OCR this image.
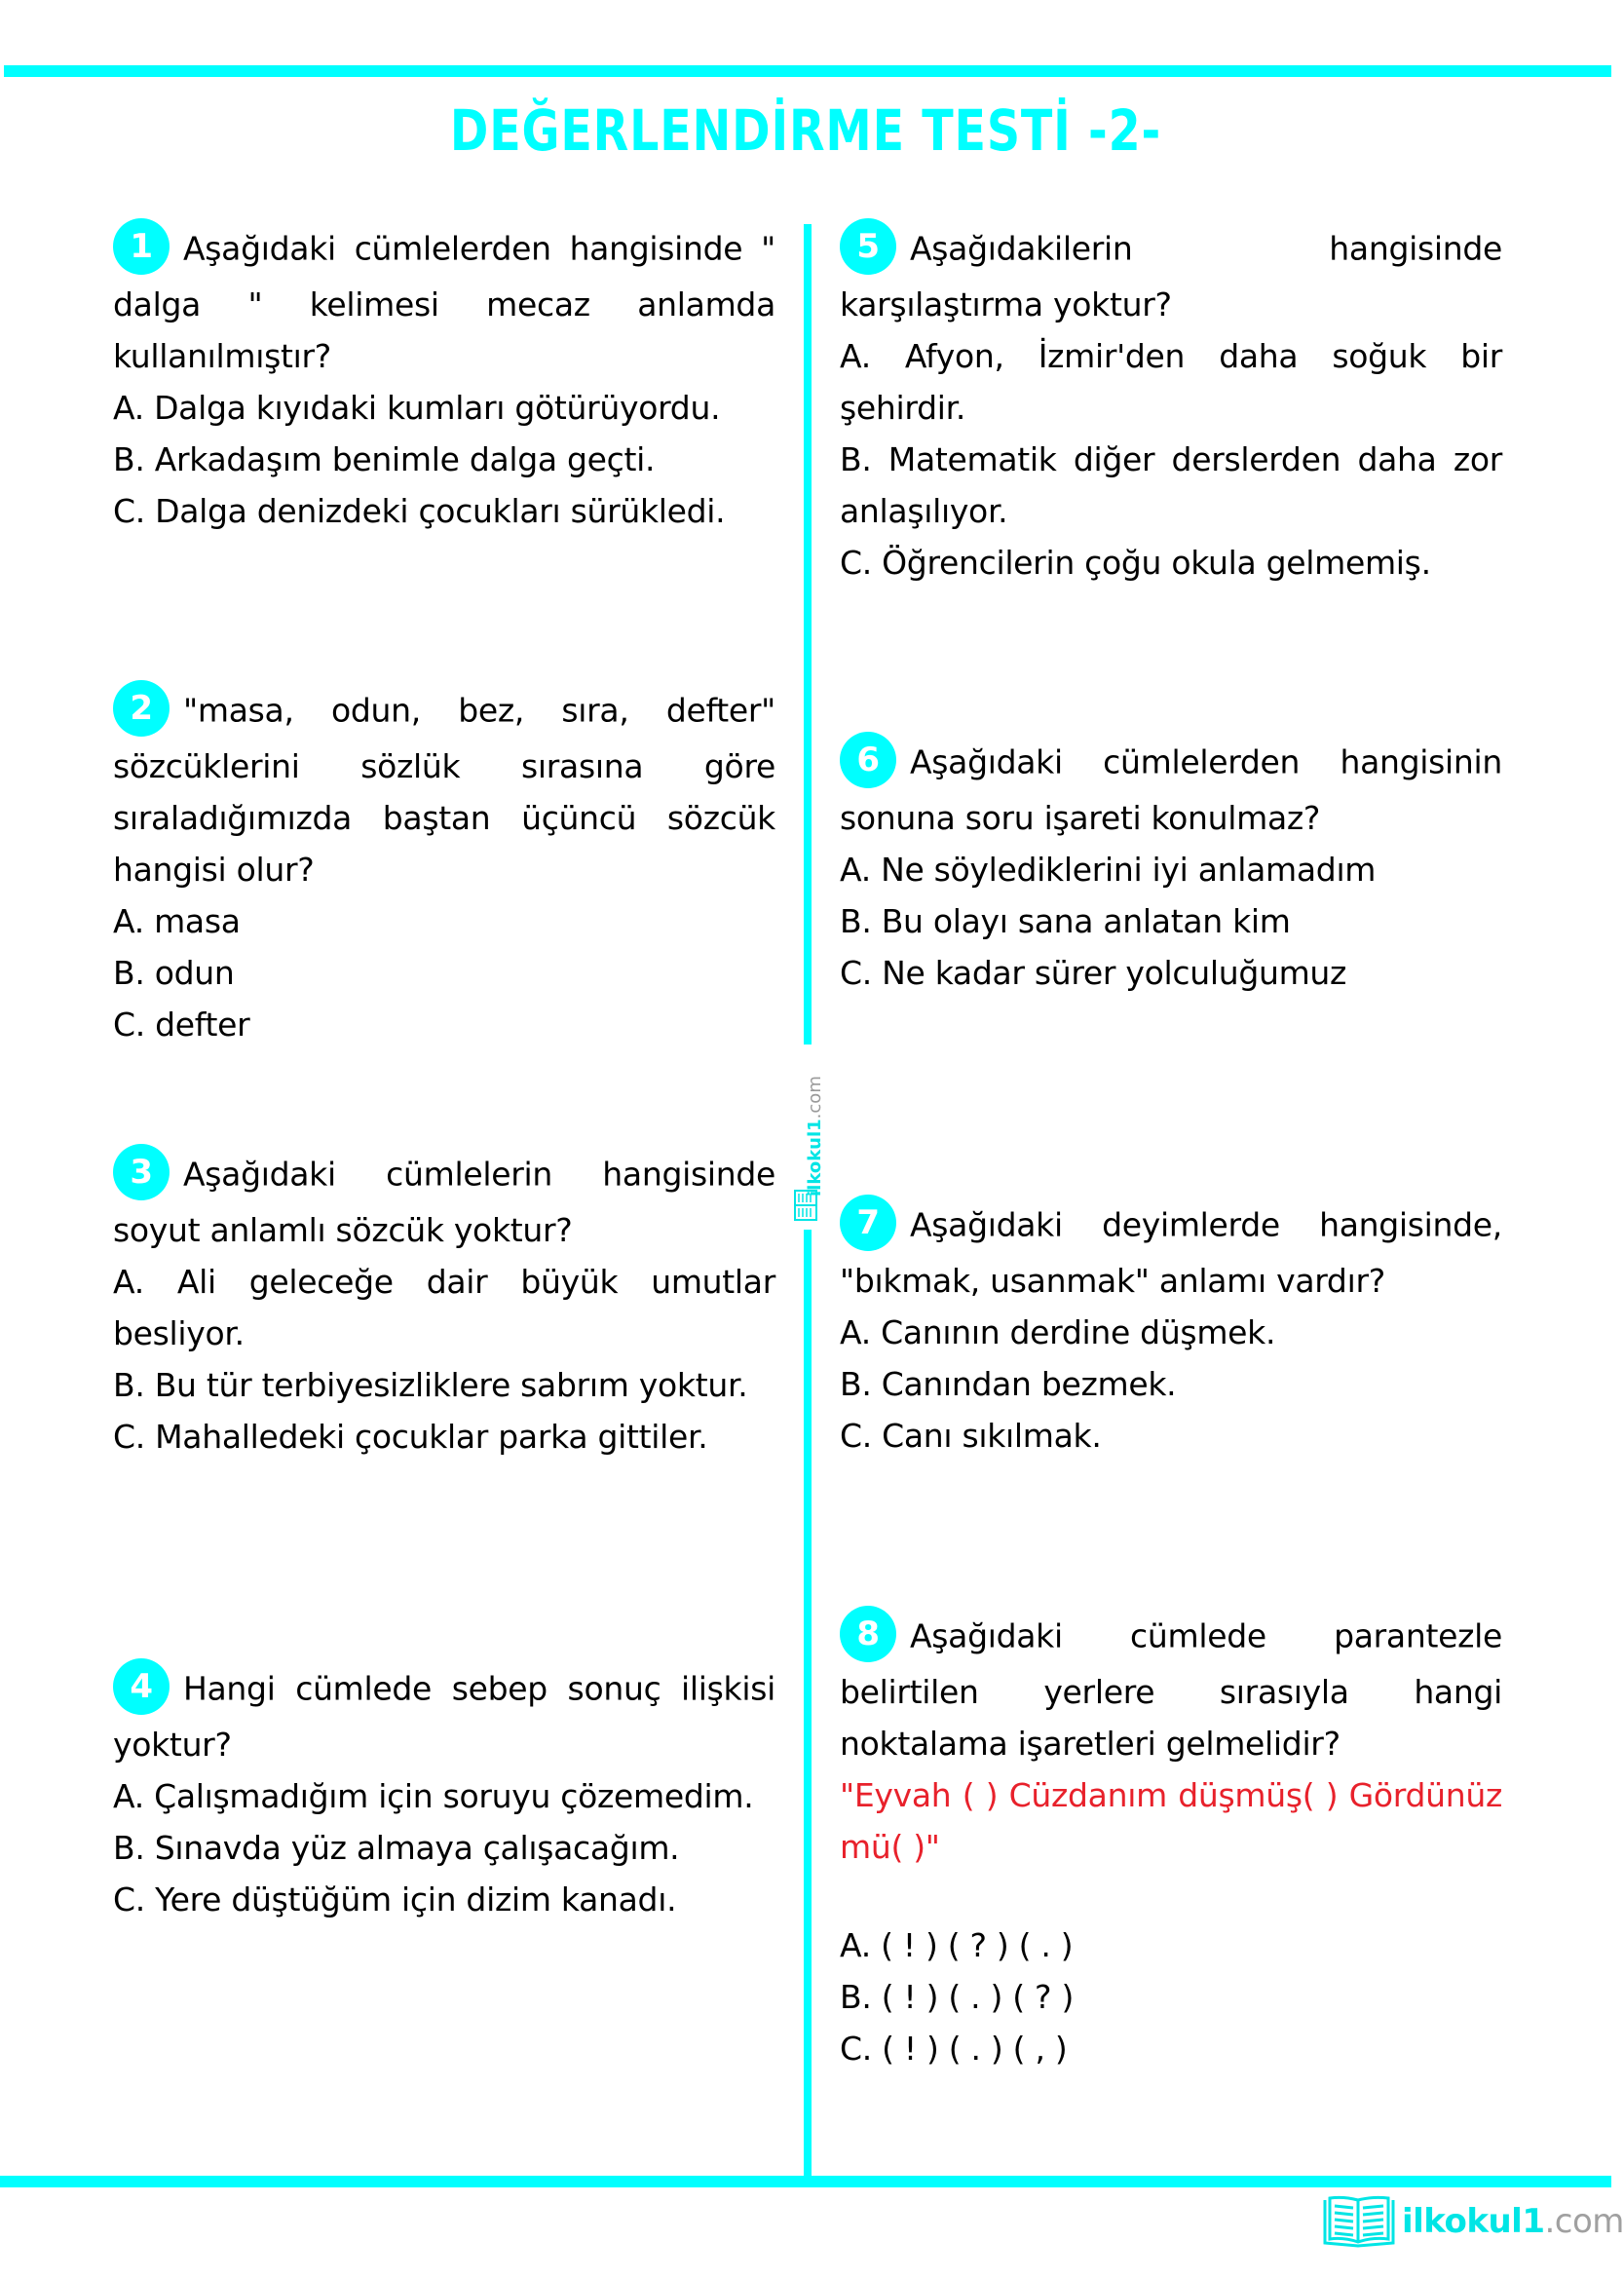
DEĞERLENDİRME TESTİ -2-
1 Aşağıdaki cümlelerden hangisinde " dalga " kelimesi mecaz anlamda kullanılmıştır?
A. Dalga kıyıdaki kumları götürüyordu.
B. Arkadaşım benimle dalga geçti.
C. Dalga denizdeki çocukları sürükledi.
2 "masa, odun, bez, sıra, defter" sözcüklerini sözlük sırasına göre sıraladığımızda baştan üçüncü sözcük hangisi olur?
A. masa
B. odun
C. defter
3 Aşağıdaki cümlelerin hangisinde soyut anlamlı sözcük yoktur?
A. Ali geleceğe dair büyük umutlar besliyor.
B. Bu tür terbiyesizliklere sabrım yoktur.
C. Mahalledeki çocuklar parka gittiler.
4 Hangi cümlede sebep sonuç ilişkisi yoktur?
A. Çalışmadığım için soruyu çözemedim.
B. Sınavda yüz almaya çalışacağım.
C. Yere düştüğüm için dizim kanadı.
5 Aşağıdakilerin hangisinde karşılaştırma yoktur?
A. Afyon, İzmir'den daha soğuk bir şehirdir.
B. Matematik diğer derslerden daha zor anlaşılıyor.
C. Öğrencilerin çoğu okula gelmemiş.
6 Aşağıdaki cümlelerden hangisinin sonuna soru işareti konulmaz?
A. Ne söylediklerini iyi anlamadım
B. Bu olayı sana anlatan kim
C. Ne kadar sürer yolculuğumuz
7 Aşağıdaki deyimlerde hangisinde, "bıkmak, usanmak" anlamı vardır?
A. Canının derdine düşmek.
B. Canından bezmek.
C. Canı sıkılmak.
8 Aşağıdaki cümlede parantezle belirtilen yerlere sırasıyla hangi noktalama işaretleri gelmelidir?
"Eyvah ( ) Cüzdanım düşmüş( ) Gördünüz mü( )"
A. ( ! ) ( ? ) ( . )
B. ( ! ) ( . ) ( ? )
C. ( ! ) ( . ) ( , )
ilkokul1.com
ilkokul1.com
